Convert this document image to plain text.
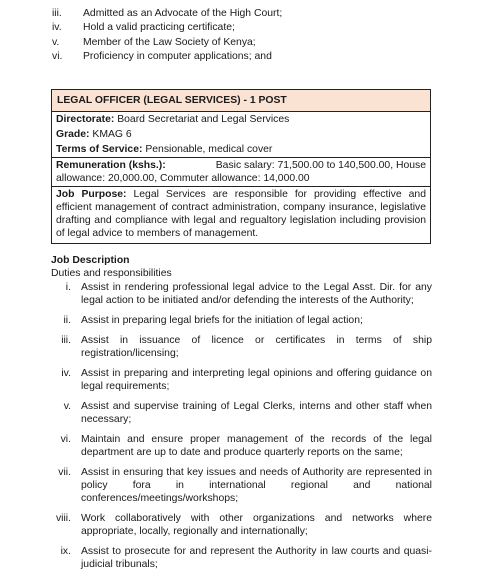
iii.	Admitted as an Advocate of the High Court;
iv.	Hold a valid practicing certificate;
v.	Member of the Law Society of Kenya;
vi.	Proficiency in computer applications; and
LEGAL OFFICER (LEGAL SERVICES) - 1 POST
Directorate: Board Secretariat and Legal Services
Grade: KMAG 6
Terms of Service: Pensionable, medical cover
Remuneration (kshs.):	Basic salary: 71,500.00 to 140,500.00, House
allowance: 20,000.00, Commuter allowance: 14,000.00
Job Purpose: Legal Services are responsible for providing effective and efficient management of contract administration, company insurance, legislative drafting and compliance with legal and regualtory legislation including provision of legal advice to members of management.
Job Description
Duties and responsibilities
i. Assist in rendering professional legal advice to the Legal Asst. Dir. for any legal action to be initiated and/or defending the interests of the Authority;
ii. Assist in preparing legal briefs for the initiation of legal action;
iii. Assist in issuance of licence or certificates in terms of ship registration/licensing;
iv. Assist in preparing and interpreting legal opinions and offering guidance on legal requirements;
v. Assist and supervise training of Legal Clerks, interns and other staff when necessary;
vi. Maintain and ensure proper management of the records of the legal department are up to date and produce quarterly reports on the same;
vii. Assist in ensuring that key issues and needs of Authority are represented in policy fora in international regional and national conferences/meetings/workshops;
viii. Work collaboratively with other organizations and networks where appropriate, locally, regionally and internationally;
ix. Assist to prosecute for and represent the Authority in law courts and quasi-judicial tribunals;
